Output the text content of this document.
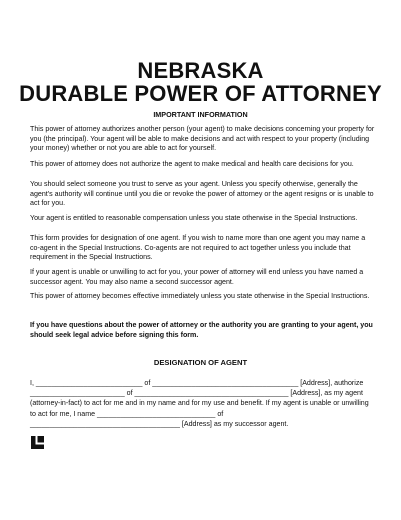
NEBRASKA
DURABLE POWER OF ATTORNEY
IMPORTANT INFORMATION

This power of attorney authorizes another person (your agent) to make decisions concerning your property for you (the principal). Your agent will be able to make decisions and act with respect to your property (including your money) whether or not you are able to act for yourself.

This power of attorney does not authorize the agent to make medical and health care decisions for you.

You should select someone you trust to serve as your agent. Unless you specify otherwise, generally the agent's authority will continue until you die or revoke the power of attorney or the agent resigns or is unable to act for you.

Your agent is entitled to reasonable compensation unless you state otherwise in the Special Instructions.

This form provides for designation of one agent. If you wish to name more than one agent you may name a co-agent in the Special Instructions. Co-agents are not required to act together unless you include that requirement in the Special Instructions.

If your agent is unable or unwilling to act for you, your power of attorney will end unless you have named a successor agent. You may also name a second successor agent.

This power of attorney becomes effective immediately unless you state otherwise in the Special Instructions.

If you have questions about the power of attorney or the authority you are granting to your agent, you should seek legal advice before signing this form.

DESIGNATION OF AGENT

I, ___________________________ of _____________________________________ [Address], authorize ________________________ of _______________________________________ [Address], as my agent (attorney-in-fact) to act for me and in my name and for my use and benefit. If my agent is unable or unwilling to act for me, I name ______________________________ of ______________________________________ [Address] as my successor agent.
